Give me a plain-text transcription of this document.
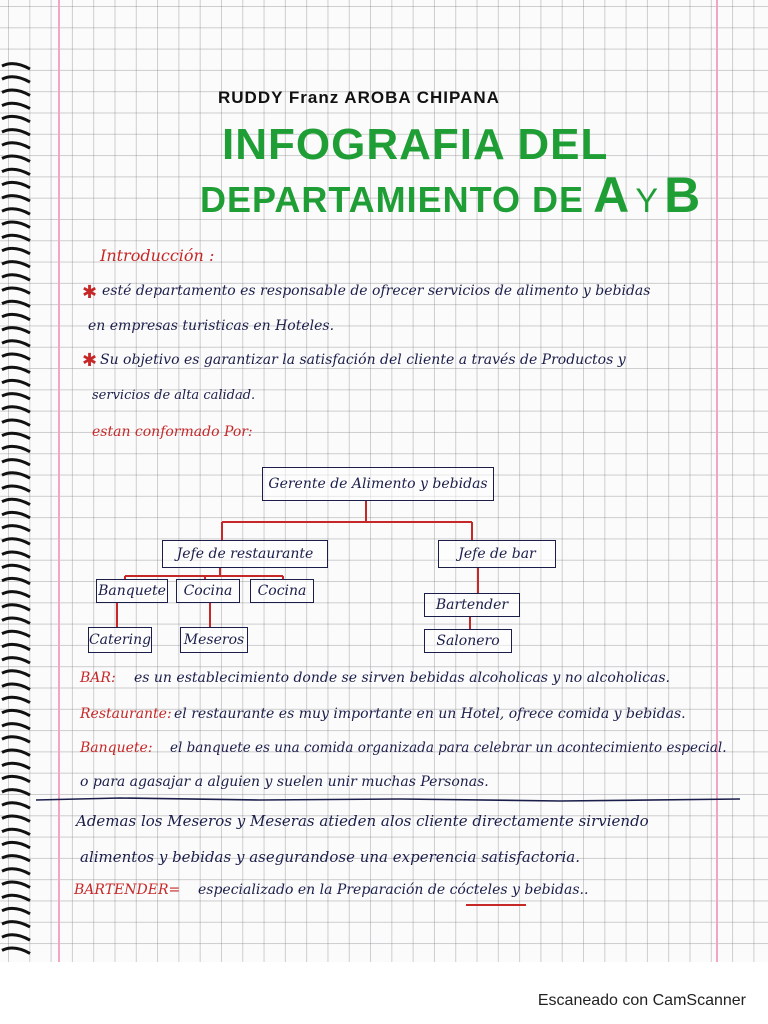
RUDDY Franz AROBA CHIPANA
INFOGRAFIA DEL
DEPARTAMIENTO DE A Y B
Introducción :
✱ esté departamento es responsable de ofrecer servicios de alimento y bebidas
en empresas turisticas en Hoteles.
✱ Su objetivo es garantizar la satisfación del cliente a través de Productos y
servicios de alta calidad.
estan conformado Por:
Gerente de Alimento y bebidas
Jefe de restaurante	Jefe de bar
Banquete	Cocina	Cocina
Catering Meseros
Bartender
Salonero
BAR: es un establecimiento donde se sirven bebidas alcoholicas y no alcoholicas.
Restaurante: el restaurante es muy importante en un Hotel, ofrece comida y bebidas.
Banquete: el banquete es una comida organizada para celebrar un acontecimiento especial.
o para agasajar a alguien y suelen unir muchas Personas.
Ademas los Meseros y Meseras atieden alos cliente directamente sirviendo
alimentos y bebidas y asegurandose una experencia satisfactoria.
BARTENDER= especializado en la Preparación de cócteles y bebidas..
Escaneado con CamScanner
